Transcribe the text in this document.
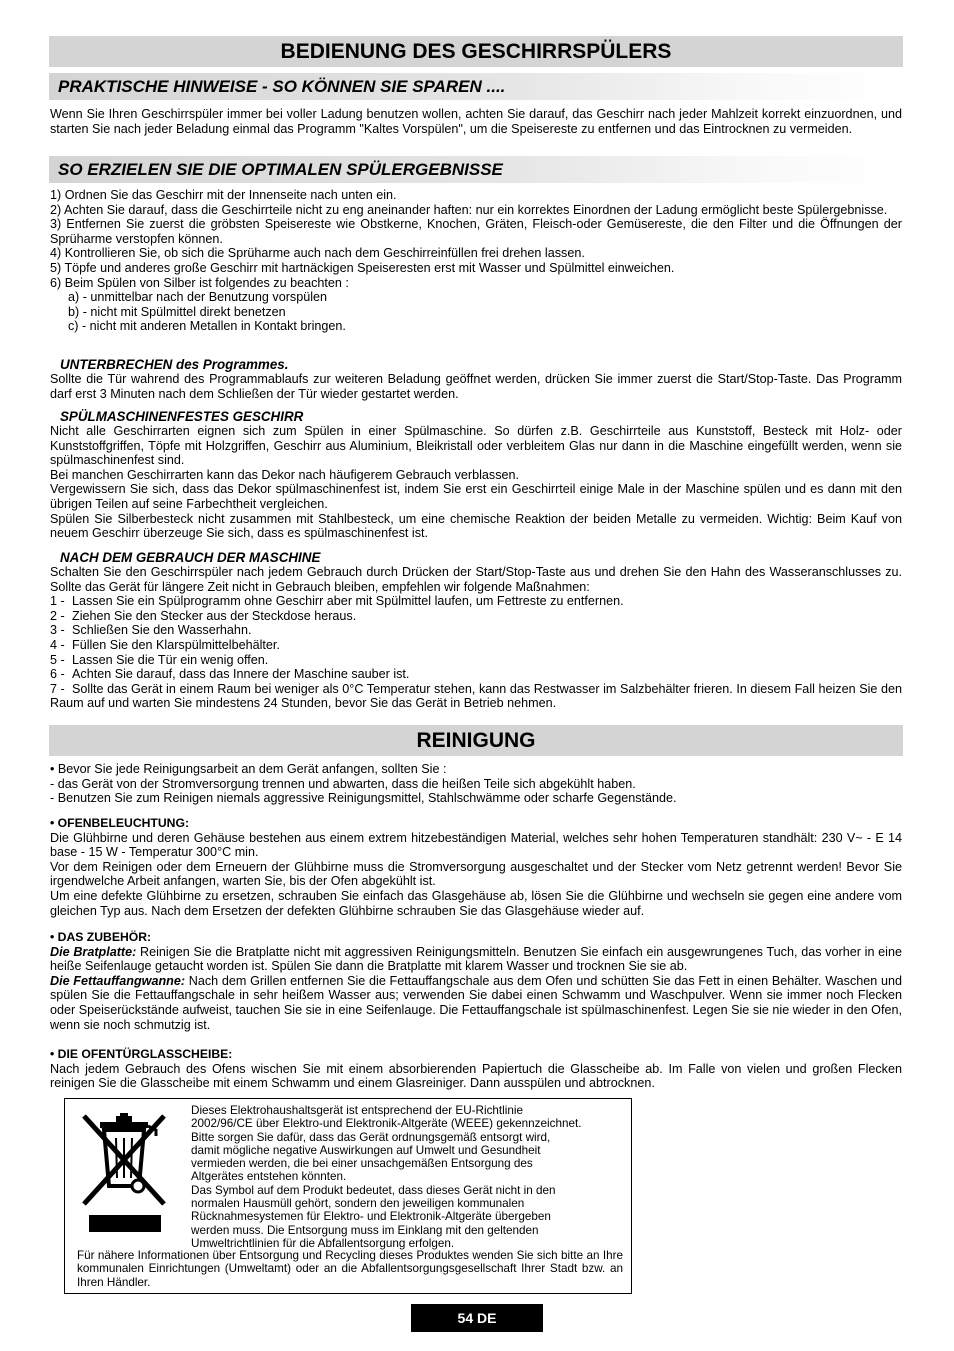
BEDIENUNG DES GESCHIRRSPÜLERS
PRAKTISCHE HINWEISE - SO KÖNNEN SIE SPAREN ....

Wenn Sie Ihren Geschirrspüler immer bei voller Ladung benutzen wollen, achten Sie darauf, das Geschirr nach jeder Mahlzeit korrekt einzuordnen, und starten Sie nach jeder Beladung einmal das Programm "Kaltes Vorspülen", um die Speisereste zu entfernen und das Eintrocknen zu vermeiden.

SO ERZIELEN SIE DIE OPTIMALEN SPÜLERGEBNISSE

1) Ordnen Sie das Geschirr mit der Innenseite nach unten ein.

2) Achten Sie darauf, dass die Geschirrteile nicht zu eng aneinander haften: nur ein korrektes Einordnen der Ladung ermöglicht beste Spülergebnisse.

3) Entfernen Sie zuerst die gröbsten Speisereste wie Obstkerne, Knochen, Gräten, Fleisch-oder Gemüsereste, die den Filter und die Öffnungen der Sprüharme verstopfen können.

4) Kontrollieren Sie, ob sich die Sprüharme auch nach dem Geschirreinfüllen frei drehen lassen.

5) Töpfe und anderes große Geschirr mit hartnäckigen Speiseresten erst mit Wasser und Spülmittel einweichen.

6) Beim Spülen von Silber ist folgendes zu beachten :

a) - unmittelbar nach der Benutzung vorspülen

b) - nicht mit Spülmittel direkt benetzen

c) - nicht mit anderen Metallen in Kontakt bringen.

UNTERBRECHEN des Programmes.

Sollte die Tür wahrend des Programmablaufs zur weiteren Beladung geöffnet werden, drücken Sie immer zuerst die Start/Stop-Taste. Das Programm darf erst 3 Minuten nach dem Schließen der Tür wieder gestartet werden.

SPÜLMASCHINENFESTES GESCHIRR

Nicht alle Geschirrarten eignen sich zum Spülen in einer Spülmaschine. So dürfen z.B. Geschirrteile aus Kunststoff, Besteck mit Holz- oder Kunststoffgriffen, Töpfe mit Holzgriffen, Geschirr aus Aluminium, Bleikristall oder verbleitem Glas nur dann in die Maschine eingefüllt werden, wenn sie spülmaschinenfest sind.

Bei manchen Geschirrarten kann das Dekor nach häufigerem Gebrauch verblassen.

Vergewissern Sie sich, dass das Dekor spülmaschinenfest ist, indem Sie erst ein Geschirrteil einige Male in der Maschine spülen und es dann mit den übrigen Teilen auf seine Farbechtheit vergleichen.

Spülen Sie Silberbesteck nicht zusammen mit Stahlbesteck, um eine chemische Reaktion der beiden Metalle zu vermeiden. Wichtig: Beim Kauf von neuem Geschirr überzeuge Sie sich, dass es spülmaschinenfest ist.

NACH DEM GEBRAUCH DER MASCHINE

Schalten Sie den Geschirrspüler nach jedem Gebrauch durch Drücken der Start/Stop-Taste aus und drehen Sie den Hahn des Wasseranschlusses zu. Sollte das Gerät für längere Zeit nicht in Gebrauch bleiben, empfehlen wir folgende Maßnahmen:

1 - Lassen Sie ein Spülprogramm ohne Geschirr aber mit Spülmittel laufen, um Fettreste zu entfernen.

2 - Ziehen Sie den Stecker aus der Steckdose heraus.

3 - Schließen Sie den Wasserhahn.

4 - Füllen Sie den Klarspülmittelbehälter.

5 - Lassen Sie die Tür ein wenig offen.

6 - Achten Sie darauf, dass das Innere der Maschine sauber ist.

7 - Sollte das Gerät in einem Raum bei weniger als 0°C Temperatur stehen, kann das Restwasser im Salzbehälter frieren. In diesem Fall heizen Sie den Raum auf und warten Sie mindestens 24 Stunden, bevor Sie das Gerät in Betrieb nehmen.

REINIGUNG

• Bevor Sie jede Reinigungsarbeit an dem Gerät anfangen, sollten Sie :

- das Gerät von der Stromversorgung trennen und abwarten, dass die heißen Teile sich abgekühlt haben.

- Benutzen Sie zum Reinigen niemals aggressive Reinigungsmittel, Stahlschwämme oder scharfe Gegenstände.

• OFENBELEUCHTUNG:

Die Glühbirne und deren Gehäuse bestehen aus einem extrem hitzebeständigen Material, welches sehr hohen Temperaturen standhält: 230 V~ - E 14 base - 15 W - Temperatur 300°C min.

Vor dem Reinigen oder dem Erneuern der Glühbirne muss die Stromversorgung ausgeschaltet und der Stecker vom Netz getrennt werden! Bevor Sie irgendwelche Arbeit anfangen, warten Sie, bis der Ofen abgekühlt ist.

Um eine defekte Glühbirne zu ersetzen, schrauben Sie einfach das Glasgehäuse ab, lösen Sie die Glühbirne und wechseln sie gegen eine andere vom gleichen Typ aus. Nach dem Ersetzen der defekten Glühbirne schrauben Sie das Glasgehäuse wieder auf.

• DAS ZUBEHÖR:

Die Bratplatte: Reinigen Sie die Bratplatte nicht mit aggressiven Reinigungsmitteln. Benutzen Sie einfach ein ausgewrungenes Tuch, das vorher in eine heiße Seifenlauge getaucht worden ist. Spülen Sie dann die Bratplatte mit klarem Wasser und trocknen Sie sie ab.

Die Fettauffangwanne: Nach dem Grillen entfernen Sie die Fettauffangschale aus dem Ofen und schütten Sie das Fett in einen Behälter. Waschen und spülen Sie die Fettauffangschale in sehr heißem Wasser aus; verwenden Sie dabei einen Schwamm und Waschpulver. Wenn sie immer noch Flecken oder Speiserückstände aufweist, tauchen Sie sie in eine Seifenlauge. Die Fettauffangschale ist spülmaschinenfest. Legen Sie sie nie wieder in den Ofen, wenn sie noch schmutzig ist.

• DIE OFENTÜRGLASSCHEIBE:

Nach jedem Gebrauch des Ofens wischen Sie mit einem absorbierenden Papiertuch die Glasscheibe ab. Im Falle von vielen und großen Flecken reinigen Sie die Glasscheibe mit einem Schwamm und einem Glasreiniger. Dann ausspülen und abtrocknen.

Dieses Elektrohaushaltsgerät ist entsprechend der EU-Richtlinie
2002/96/CE über Elektro-und Elektronik-Altgeräte (WEEE) gekennzeichnet.
Bitte sorgen Sie dafür, dass das Gerät ordnungsgemäß entsorgt wird,
damit mögliche negative Auswirkungen auf Umwelt und Gesundheit
vermieden werden, die bei einer unsachgemäßen Entsorgung des
Altgerätes entstehen könnten.
Das Symbol auf dem Produkt bedeutet, dass dieses Gerät nicht in den
normalen Hausmüll gehört, sondern den jeweiligen kommunalen
Rücknahmesystemen für Elektro- und Elektronik-Altgeräte übergeben
werden muss. Die Entsorgung muss im Einklang mit den geltenden
Umweltrichtlinien für die Abfallentsorgung erfolgen.
Für nähere Informationen über Entsorgung und Recycling dieses Produktes wenden Sie sich bitte an Ihre kommunalen Einrichtungen (Umweltamt) oder an die Abfallentsorgungsgesellschaft Ihrer Stadt bzw. an Ihren Händler.
54 DE
